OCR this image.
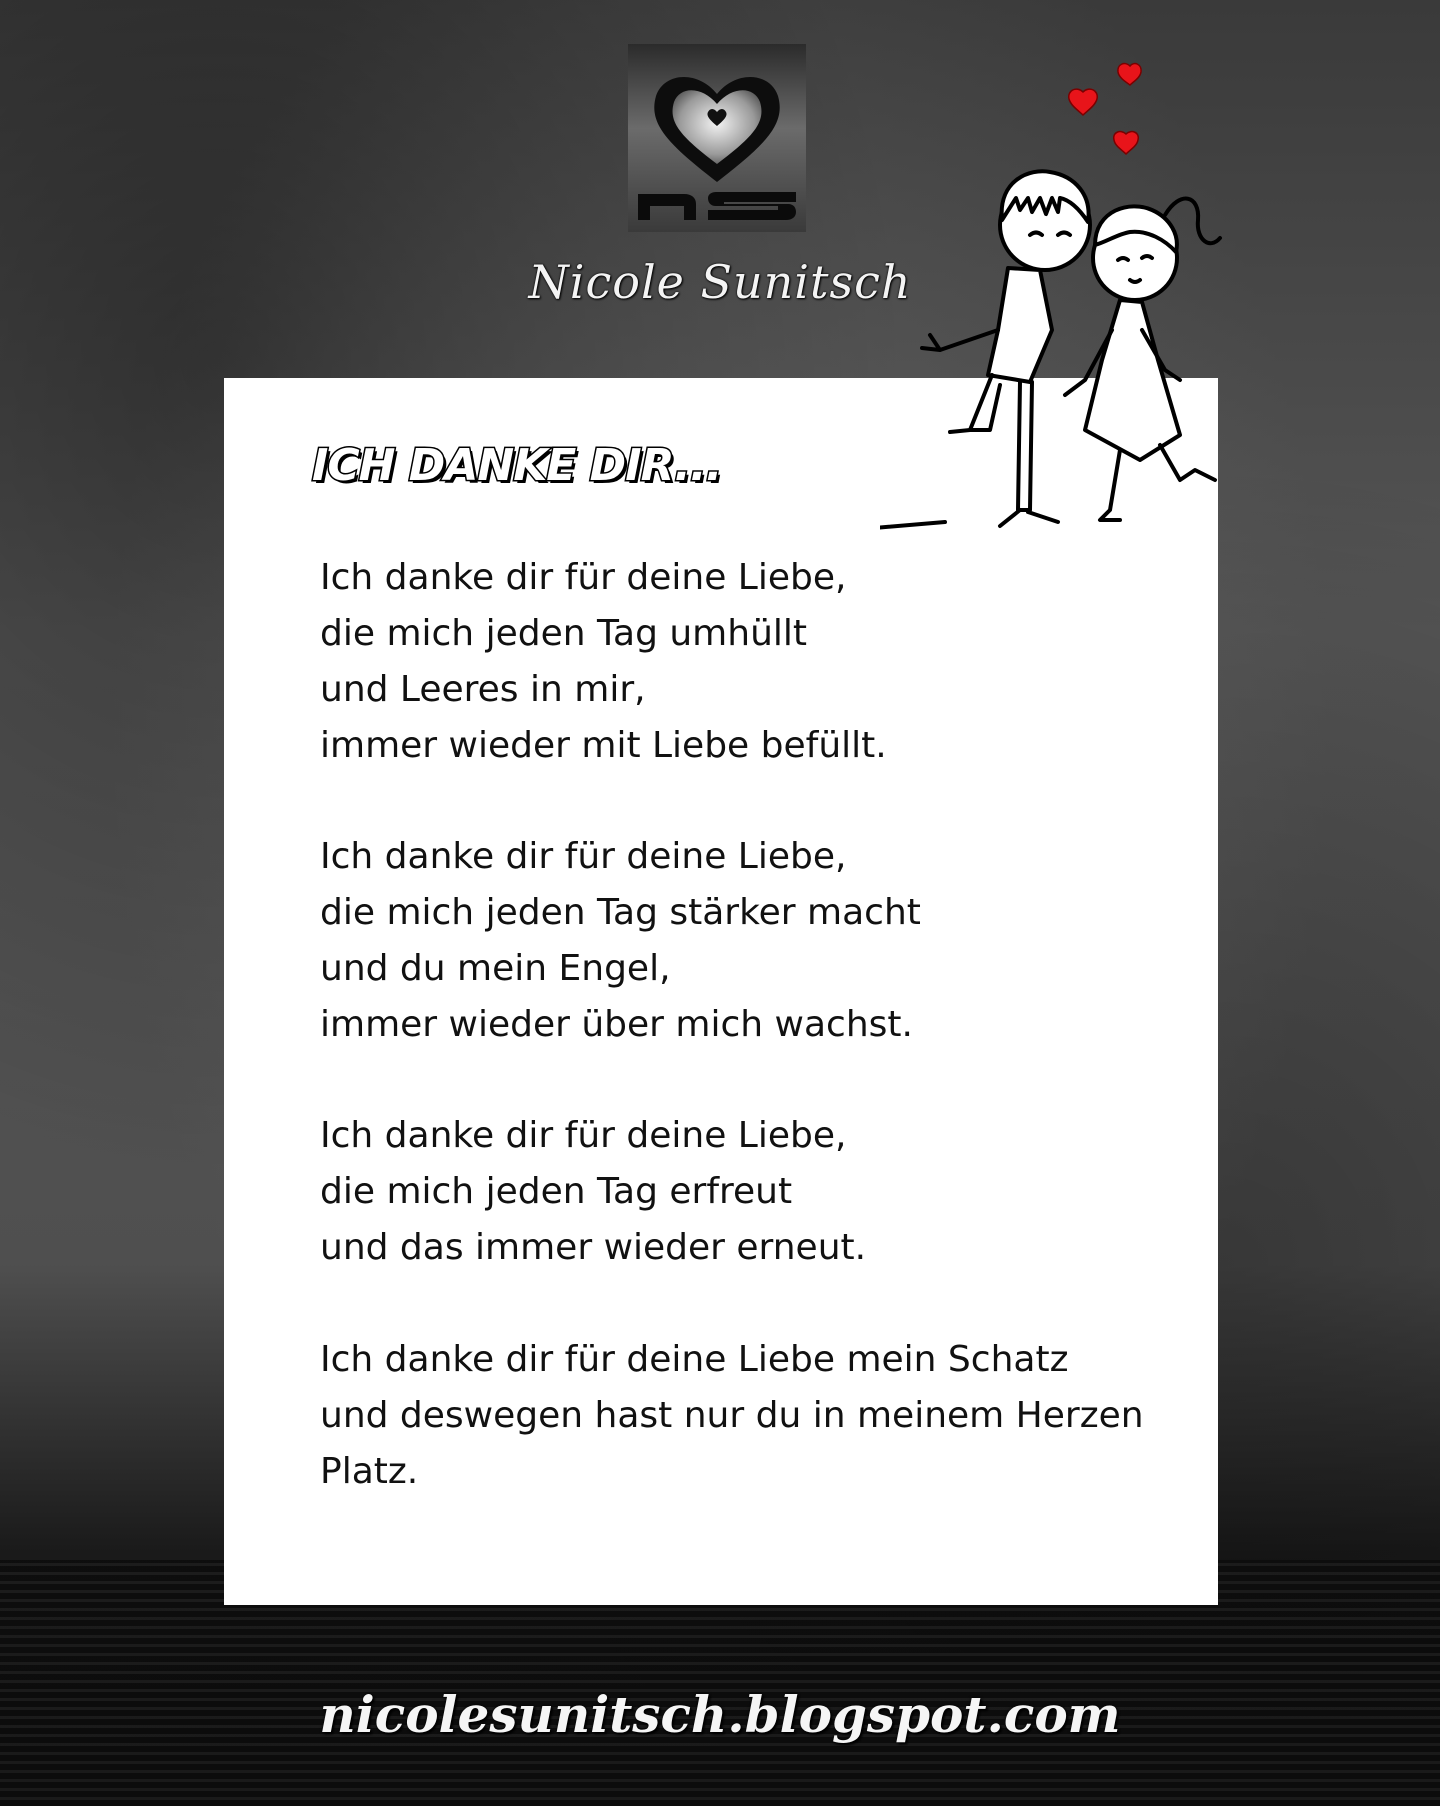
Nicole Sunitsch
ICH DANKE DIR...
Ich danke dir für deine Liebe,
die mich jeden Tag umhüllt
und Leeres in mir,
immer wieder mit Liebe befüllt.
Ich danke dir für deine Liebe,
die mich jeden Tag stärker macht
und du mein Engel,
immer wieder über mich wachst.
Ich danke dir für deine Liebe,
die mich jeden Tag erfreut
und das immer wieder erneut.
Ich danke dir für deine Liebe mein Schatz
und deswegen hast nur du in meinem Herzen
Platz.
nicolesunitsch.blogspot.com
